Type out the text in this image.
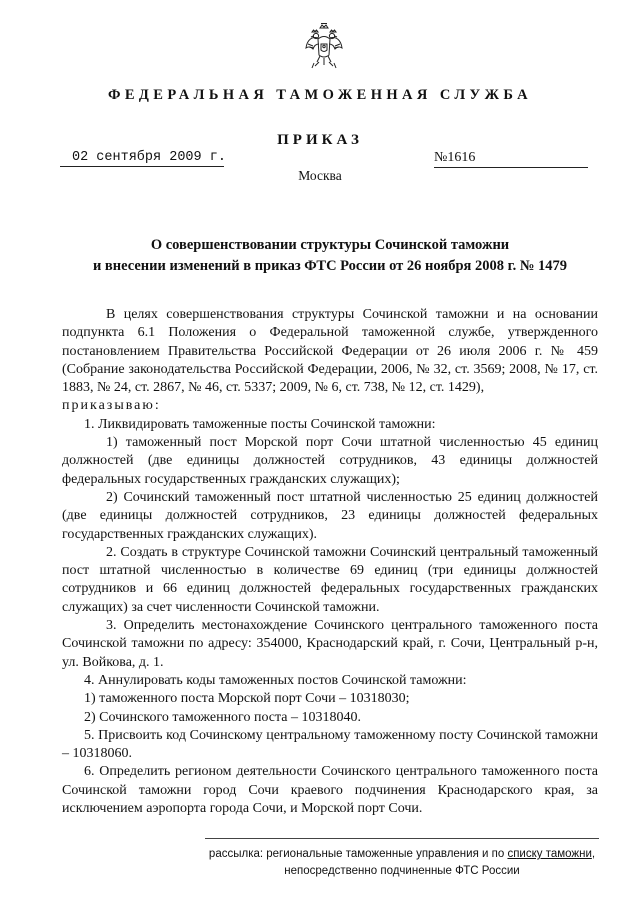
ФЕДЕРАЛЬНАЯ ТАМОЖЕННАЯ СЛУЖБА
ПРИКАЗ
02 сентября 2009 г.	№1616
Москва
О совершенствовании структуры Сочинской таможни
и внесении изменений в приказ ФТС России от 26 ноября 2008 г. № 1479

В целях совершенствования структуры Сочинской таможни и на основании подпункта 6.1 Положения о Федеральной таможенной службе, утвержденного постановлением Правительства Российской Федерации от 26 июля 2006 г. № 459 (Собрание законодательства Российской Федерации, 2006, № 32, ст. 3569; 2008, № 17, ст. 1883, № 24, ст. 2867, № 46, ст. 5337; 2009, № 6, ст. 738, № 12, ст. 1429),

приказываю:

1. Ликвидировать таможенные посты Сочинской таможни:

1) таможенный пост Морской порт Сочи штатной численностью 45 единиц должностей (две единицы должностей сотрудников, 43 единицы должностей федеральных государственных гражданских служащих);

2) Сочинский таможенный пост штатной численностью 25 единиц должностей (две единицы должностей сотрудников, 23 единицы должностей федеральных государственных гражданских служащих).

2. Создать в структуре Сочинской таможни Сочинский центральный таможенный пост штатной численностью в количестве 69 единиц (три единицы должностей сотрудников и 66 единиц должностей федеральных государственных гражданских служащих) за счет численности Сочинской таможни.

3. Определить местонахождение Сочинского центрального таможенного поста Сочинской таможни по адресу: 354000, Краснодарский край, г. Сочи, Центральный р-н, ул. Войкова, д. 1.

4. Аннулировать коды таможенных постов Сочинской таможни:

1) таможенного поста Морской порт Сочи – 10318030;

2) Сочинского таможенного поста – 10318040.

5. Присвоить код Сочинскому центральному таможенному посту Сочинской таможни – 10318060.

6. Определить регионом деятельности Сочинского центрального таможенного поста Сочинской таможни город Сочи краевого подчинения Краснодарского края, за исключением аэропорта города Сочи, и Морской порт Сочи.

рассылка: региональные таможенные управления и по списку таможни,
непосредственно подчиненные ФТС России
